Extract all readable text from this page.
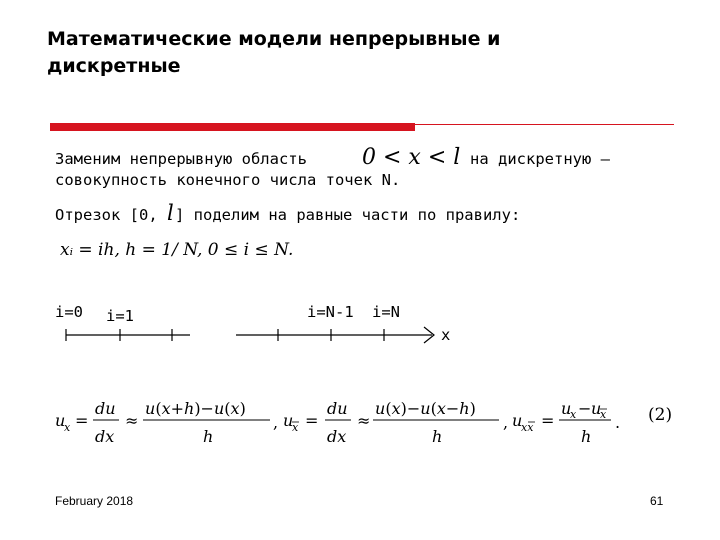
Математические модели непрерывные и
дискретные
Заменим непрерывную область	0 < x < l на дискретную –
совокупность конечного числа точек N.
Отрезок [0, l ] поделим на равные части по правилу:
xᵢ = ih, h = 1/ N, 0 ≤ i ≤ N.
i=0 i=1	i=N-1 i=N
x
u
x =
du
dx
≈
u(x+h)−u(x)
h
, u
x =
du
dx
≈
u(x)−u(x−h)
h
, u
xx =
u
x − u
x
h
. (2)
February 2018	61
